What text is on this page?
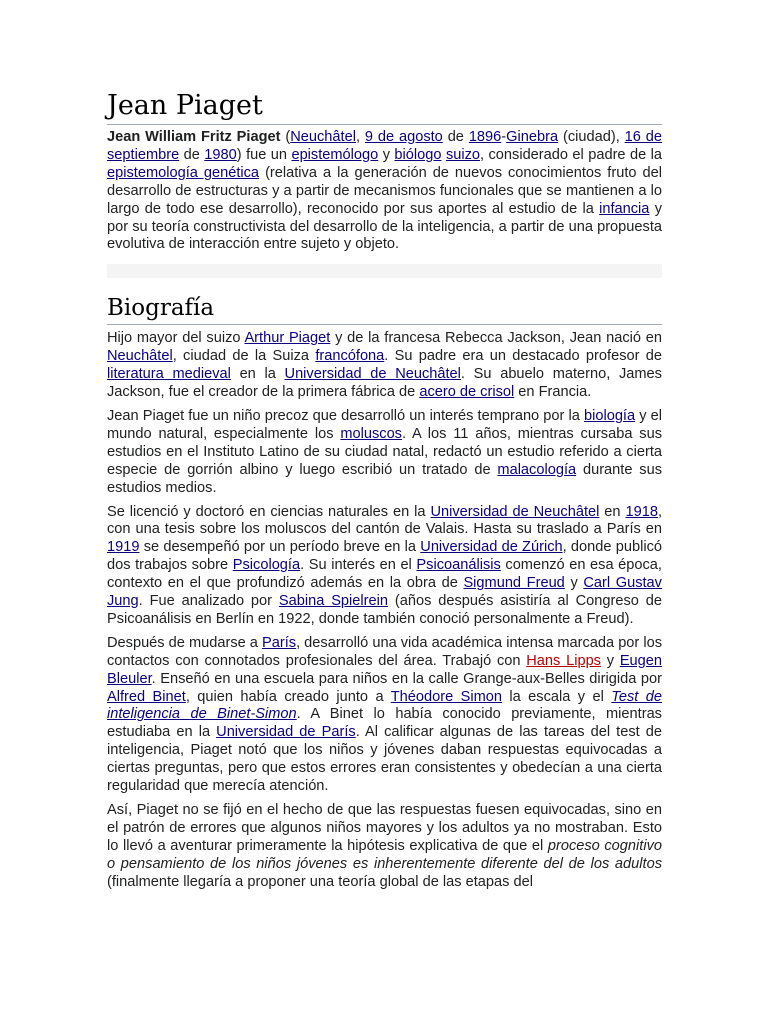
Jean Piaget

Jean William Fritz Piaget (Neuchâtel, 9 de agosto de 1896-Ginebra (ciudad), 16 de septiembre de 1980) fue un epistemólogo y biólogo suizo, considerado el padre de la epistemología genética (relativa a la generación de nuevos conocimientos fruto del desarrollo de estructuras y a partir de mecanismos funcionales que se mantienen a lo largo de todo ese desarrollo), reconocido por sus aportes al estudio de la infancia y por su teoría constructivista del desarrollo de la inteligencia, a partir de una propuesta evolutiva de interacción entre sujeto y objeto.

Biografía

Hijo mayor del suizo Arthur Piaget y de la francesa Rebecca Jackson, Jean nació en Neuchâtel, ciudad de la Suiza francófona. Su padre era un destacado profesor de literatura medieval en la Universidad de Neuchâtel. Su abuelo materno, James Jackson, fue el creador de la primera fábrica de acero de crisol en Francia.

Jean Piaget fue un niño precoz que desarrolló un interés temprano por la biología y el mundo natural, especialmente los moluscos. A los 11 años, mientras cursaba sus estudios en el Instituto Latino de su ciudad natal, redactó un estudio referido a cierta especie de gorrión albino y luego escribió un tratado de malacología durante sus estudios medios.

Se licenció y doctoró en ciencias naturales en la Universidad de Neuchâtel en 1918, con una tesis sobre los moluscos del cantón de Valais. Hasta su traslado a París en 1919 se desempeñó por un período breve en la Universidad de Zúrich, donde publicó dos trabajos sobre Psicología. Su interés en el Psicoanálisis comenzó en esa época, contexto en el que profundizó además en la obra de Sigmund Freud y Carl Gustav Jung. Fue analizado por Sabina Spielrein (años después asistiría al Congreso de Psicoanálisis en Berlín en 1922, donde también conoció personalmente a Freud).

Después de mudarse a París, desarrolló una vida académica intensa marcada por los contactos con connotados profesionales del área. Trabajó con Hans Lipps y Eugen Bleuler. Enseñó en una escuela para niños en la calle Grange-aux-Belles dirigida por Alfred Binet, quien había creado junto a Théodore Simon la escala y el Test de inteligencia de Binet-Simon. A Binet lo había conocido previamente, mientras estudiaba en la Universidad de París. Al calificar algunas de las tareas del test de inteligencia, Piaget notó que los niños y jóvenes daban respuestas equivocadas a ciertas preguntas, pero que estos errores eran consistentes y obedecían a una cierta regularidad que merecía atención.

Así, Piaget no se fijó en el hecho de que las respuestas fuesen equivocadas, sino en el patrón de errores que algunos niños mayores y los adultos ya no mostraban. Esto lo llevó a aventurar primeramente la hipótesis explicativa de que el proceso cognitivo o pensamiento de los niños jóvenes es inherentemente diferente del de los adultos (finalmente llegaría a proponer una teoría global de las etapas del
